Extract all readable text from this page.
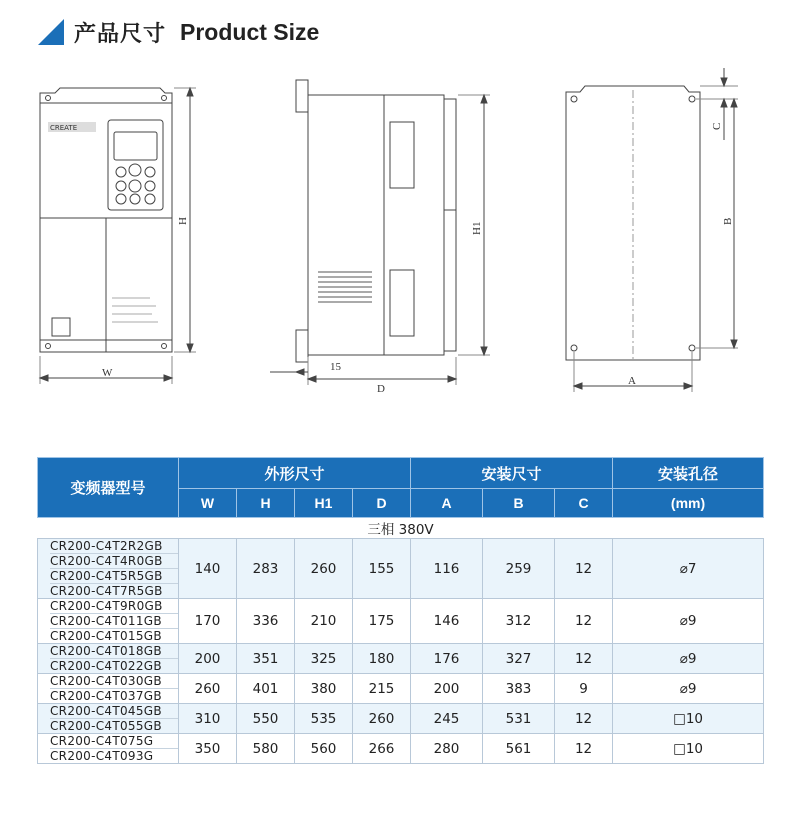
产品尺寸 Product Size
CREATE
H
W
H1
15
D
C
B
A
变频器型号	外形尺寸				安装尺寸			安装孔径
	W	H	H1	D	A	B	C	(mm)
三相 380V								

CR200-C4T2R2GB
CR200-C4T4R0GB
CR200-C4T5R5GB
CR200-C4T7R5GB	140	283	260	155	116	259	12	⌀7

CR200-C4T9R0GB
CR200-C4T011GB
CR200-C4T015GB	170	336	210	175	146	312	12	⌀9

CR200-C4T018GB
CR200-C4T022GB	200	351	325	180	176	327	12	⌀9

CR200-C4T030GB
CR200-C4T037GB	260	401	380	215	200	383	9	⌀9

CR200-C4T045GB
CR200-C4T055GB	310	550	535	260	245	531	12	□10

CR200-C4T075G
CR200-C4T093G	350	580	560	266	280	561	12	□10
